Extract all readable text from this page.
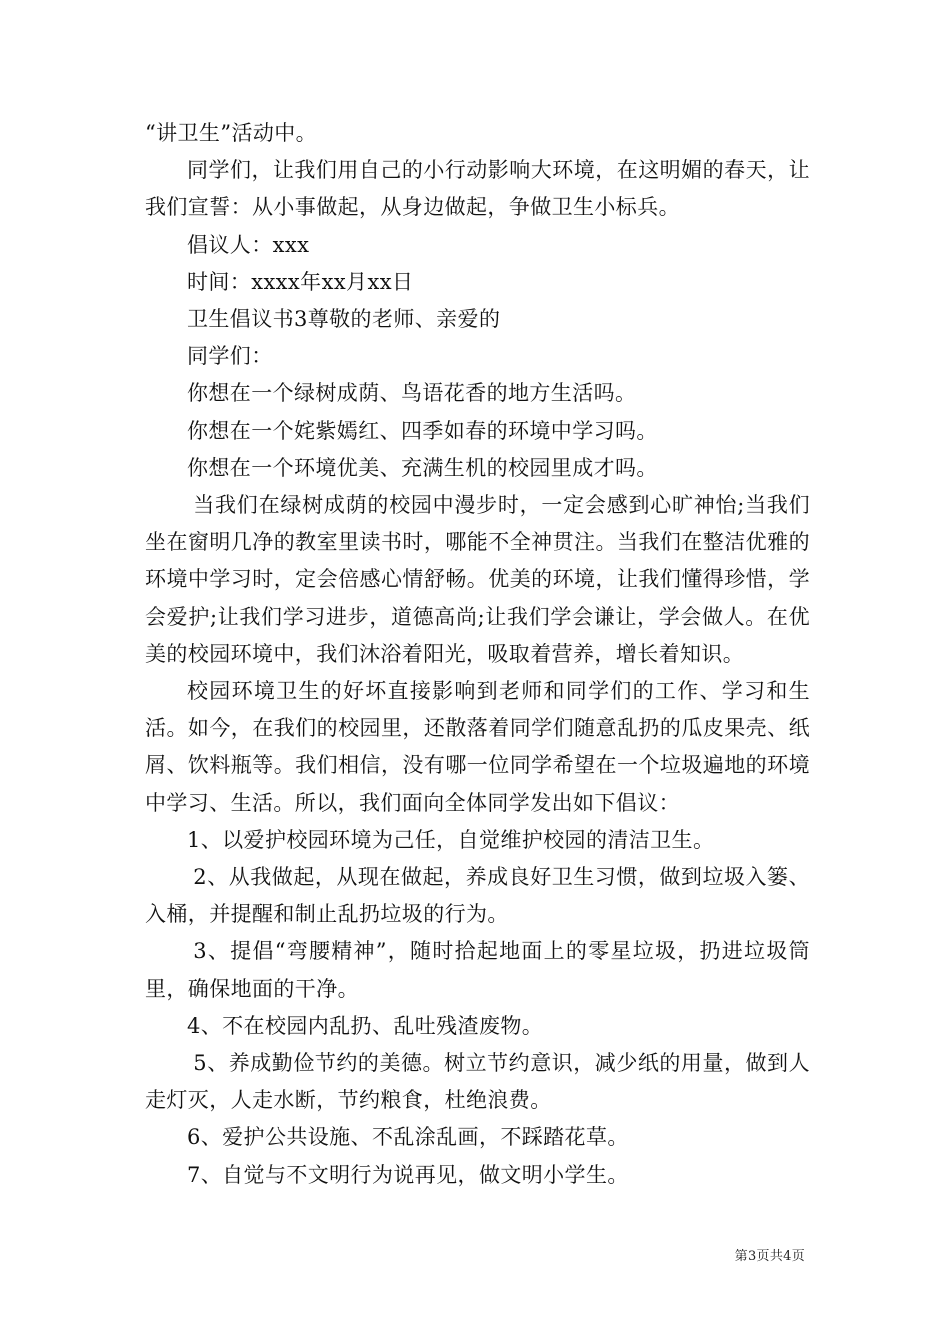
“讲卫生”活动中。

同学们，让我们用自己的小行动影响大环境，在这明媚的春天，让我们宣誓：从小事做起，从身边做起，争做卫生小标兵。

倡议人：xxx

时间：xxxx年xx月xx日

卫生倡议书3尊敬的老师、亲爱的

同学们：

你想在一个绿树成荫、鸟语花香的地方生活吗。

你想在一个姹紫嫣红、四季如春的环境中学习吗。

你想在一个环境优美、充满生机的校园里成才吗。

当我们在绿树成荫的校园中漫步时，一定会感到心旷神怡;当我们坐在窗明几净的教室里读书时，哪能不全神贯注。当我们在整洁优雅的环境中学习时，定会倍感心情舒畅。优美的环境，让我们懂得珍惜，学会爱护;让我们学习进步，道德高尚;让我们学会谦让，学会做人。在优美的校园环境中，我们沐浴着阳光，吸取着营养，增长着知识。

校园环境卫生的好坏直接影响到老师和同学们的工作、学习和生活。如今，在我们的校园里，还散落着同学们随意乱扔的瓜皮果壳、纸屑、饮料瓶等。我们相信，没有哪一位同学希望在一个垃圾遍地的环境中学习、生活。所以，我们面向全体同学发出如下倡议：

1、以爱护校园环境为己任，自觉维护校园的清洁卫生。

2、从我做起，从现在做起，养成良好卫生习惯，做到垃圾入篓、入桶，并提醒和制止乱扔垃圾的行为。

3、提倡“弯腰精神”，随时拾起地面上的零星垃圾，扔进垃圾筒里，确保地面的干净。

4、不在校园内乱扔、乱吐残渣废物。

5、养成勤俭节约的美德。树立节约意识，减少纸的用量，做到人走灯灭，人走水断，节约粮食，杜绝浪费。

6、爱护公共设施、不乱涂乱画，不踩踏花草。

7、自觉与不文明行为说再见，做文明小学生。

第3页共4页
